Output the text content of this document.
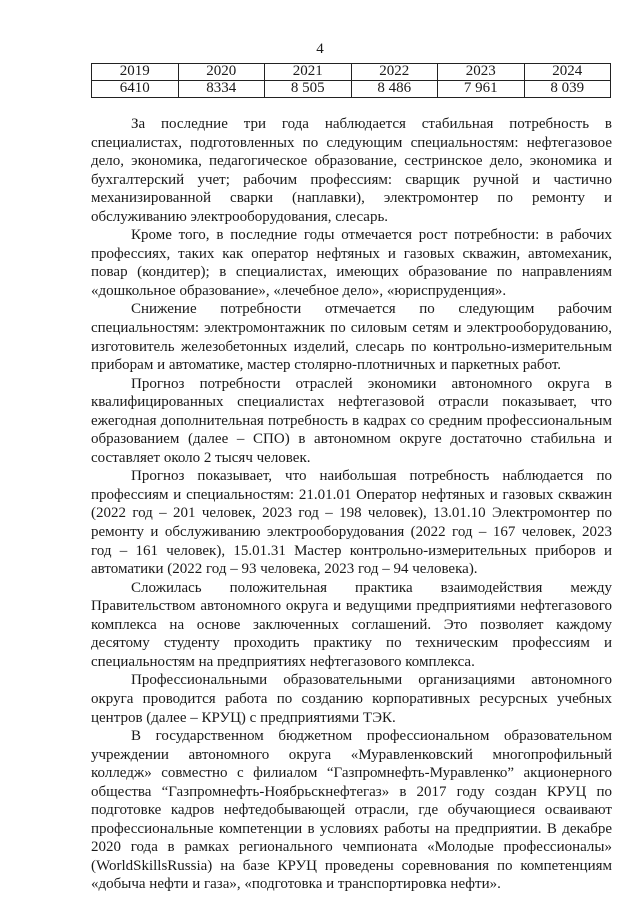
4
2019	2020	2021	2022	2023	2024
6410	8334	8 505	8 486	7 961	8 039

За последние три года наблюдается стабильная потребность в специалистах, подготовленных по следующим специальностям: нефтегазовое дело, экономика, педагогическое образование, сестринское дело, экономика и бухгалтерский учет; рабочим профессиям: сварщик ручной и частично механизированной сварки (наплавки), электромонтер по ремонту и обслуживанию электрооборудования, слесарь.

Кроме того, в последние годы отмечается рост потребности: в рабочих профессиях, таких как оператор нефтяных и газовых скважин, автомеханик, повар (кондитер); в специалистах, имеющих образование по направлениям «дошкольное образование», «лечебное дело», «юриспруденция».

Снижение потребности отмечается по следующим рабочим специальностям: электромонтажник по силовым сетям и электрооборудованию, изготовитель железобетонных изделий, слесарь по контрольно-измерительным приборам и автоматике, мастер столярно-плотничных и паркетных работ.

Прогноз потребности отраслей экономики автономного округа в квалифицированных специалистах нефтегазовой отрасли показывает, что ежегодная дополнительная потребность в кадрах со средним профессиональным образованием (далее – СПО) в автономном округе достаточно стабильна и составляет около 2 тысяч человек.

Прогноз показывает, что наибольшая потребность наблюдается по профессиям и специальностям: 21.01.01 Оператор нефтяных и газовых скважин (2022 год – 201 человек, 2023 год – 198 человек), 13.01.10 Электромонтер по ремонту и обслуживанию электрооборудования (2022 год – 167 человек, 2023 год – 161 человек), 15.01.31 Мастер контрольно-измерительных приборов и автоматики (2022 год – 93 человека, 2023 год – 94 человека).

Сложилась положительная практика взаимодействия между Правительством автономного округа и ведущими предприятиями нефтегазового комплекса на основе заключенных соглашений. Это позволяет каждому десятому студенту проходить практику по техническим профессиям и специальностям на предприятиях нефтегазового комплекса.

Профессиональными образовательными организациями автономного округа проводится работа по созданию корпоративных ресурсных учебных центров (далее – КРУЦ) с предприятиями ТЭК.

В государственном бюджетном профессиональном образовательном учреждении автономного округа «Муравленковский многопрофильный колледж» совместно с филиалом “Газпромнефть-Муравленко” акционерного общества “Газпромнефть-Ноябрьскнефтегаз» в 2017 году создан КРУЦ по подготовке кадров нефтедобывающей отрасли, где обучающиеся осваивают профессиональные компетенции в условиях работы на предприятии. В декабре 2020 года в рамках регионального чемпионата «Молодые профессионалы» (WorldSkillsRussia) на базе КРУЦ проведены соревнования по компетенциям «добыча нефти и газа», «подготовка и транспортировка нефти».
